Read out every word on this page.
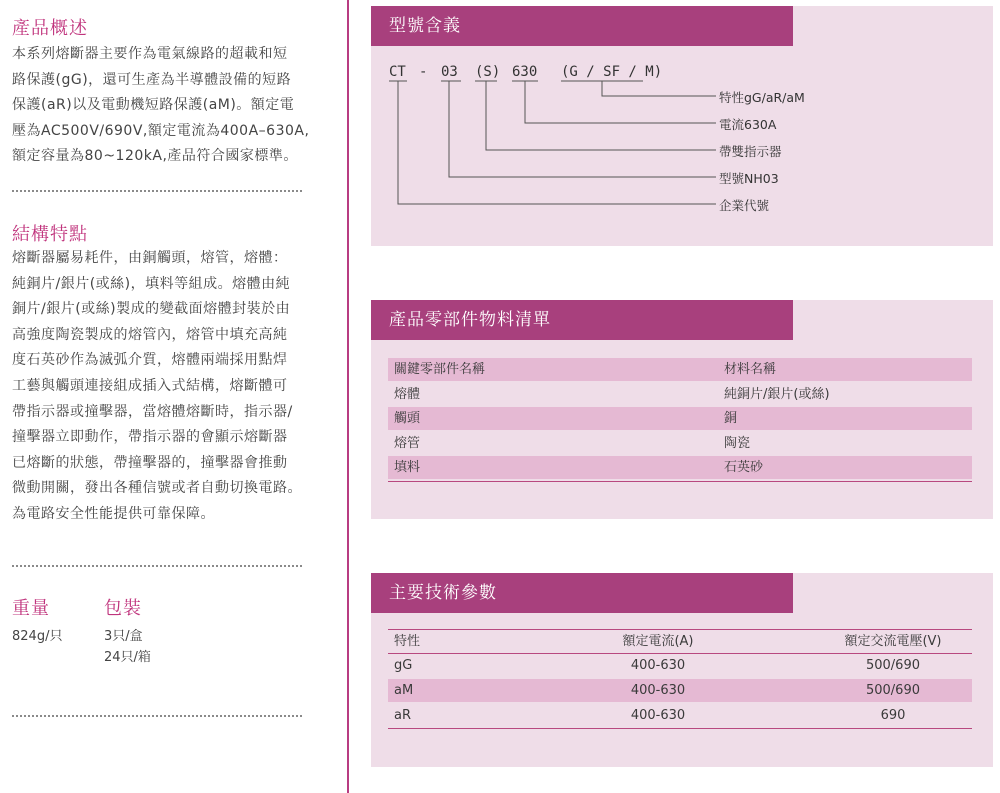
產品概述
本系列熔斷器主要作為電氣線路的超載和短
路保護(gG)，還可生產為半導體設備的短路
保護(aR)以及電動機短路保護(aM)。額定電
壓為AC500V/690V,額定電流為400A–630A,
額定容量為80~120kA,產品符合國家標準。
結構特點
熔斷器屬易耗件，由銅觸頭，熔管，熔體：
純銅片/銀片(或絲)，填料等組成。熔體由純
銅片/銀片(或絲)製成的變截面熔體封裝於由
高強度陶瓷製成的熔管內，熔管中填充高純
度石英砂作為滅弧介質，熔體兩端採用點焊
工藝與觸頭連接組成插入式結構，熔斷體可
帶指示器或撞擊器，當熔體熔斷時，指示器/
撞擊器立即動作，帶指示器的會顯示熔斷器
已熔斷的狀態，帶撞擊器的，撞擊器會推動
微動開關，發出各種信號或者自動切換電路。
為電路安全性能提供可靠保障。
重量
824g/只
包裝
3只/盒
24只/箱
型號含義
CT - 03 (S) 630 (G / SF / M)
特性gG/aR/aM
電流630A
帶雙指示器
型號NH03
企業代號
產品零部件物料清單
關鍵零部件名稱	材料名稱
熔體	純銅片/銀片(或絲)
觸頭	銅
熔管	陶瓷
填料	石英砂
主要技術參數
特性	額定電流(A)	額定交流電壓(V)
gG	400-630	500/690
aM	400-630	500/690
aR	400-630	690
